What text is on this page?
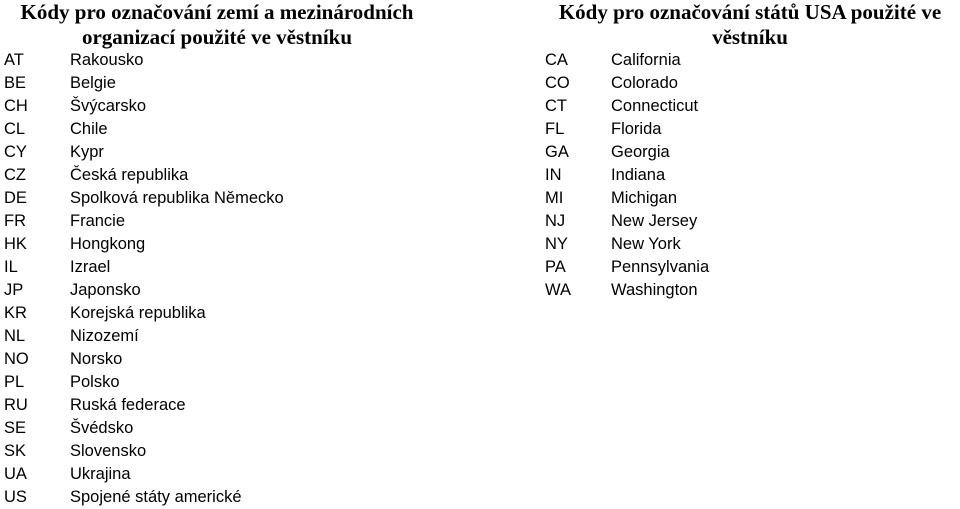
Kódy pro označování zemí a mezinárodních
organizací použité ve věstníku
AT	Rakousko
BE	Belgie
CH	Švýcarsko
CL	Chile
CY	Kypr
CZ	Česká republika
DE	Spolková republika Německo
FR	Francie
HK	Hongkong
IL	Izrael
JP	Japonsko
KR	Korejská republika
NL	Nizozemí
NO	Norsko
PL	Polsko
RU	Ruská federace
SE	Švédsko
SK	Slovensko
UA	Ukrajina
US	Spojené státy americké
Kódy pro označování států USA použité ve
věstníku
CA	California
CO	Colorado
CT	Connecticut
FL	Florida
GA	Georgia
IN	Indiana
MI	Michigan
NJ	New Jersey
NY	New York
PA	Pennsylvania
WA	Washington
